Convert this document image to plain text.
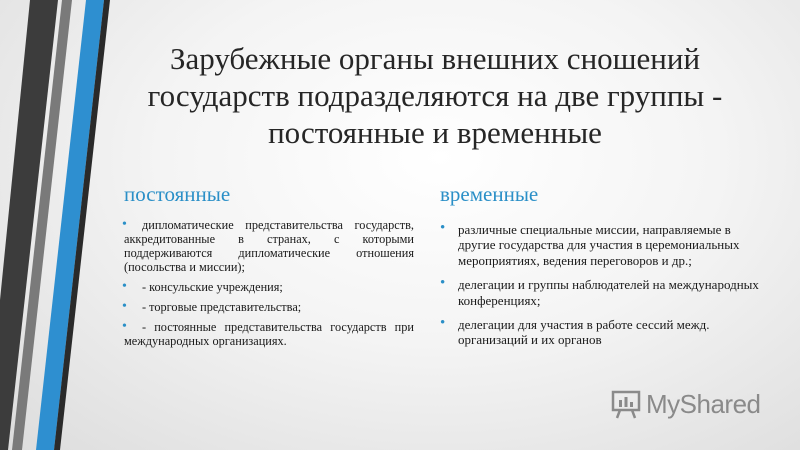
Зарубежные органы внешних сношений государств подразделяются на две группы - постоянные и временные
постоянные	временные
• дипломатические представительства государств, аккредитованные в странах, с которыми поддерживаются дипломатические отношения (посольства и миссии);
• - консульские учреждения;
• - торговые представительства;
• - постоянные представительства государств при международных организациях.
• различные специальные миссии, направляемые в другие государства для участия в церемониальных мероприятиях, ведения переговоров и др.;
• делегации и группы наблюдателей на международных конференциях;
• делегации для участия в работе сессий межд. организаций и их органов
MyShared
